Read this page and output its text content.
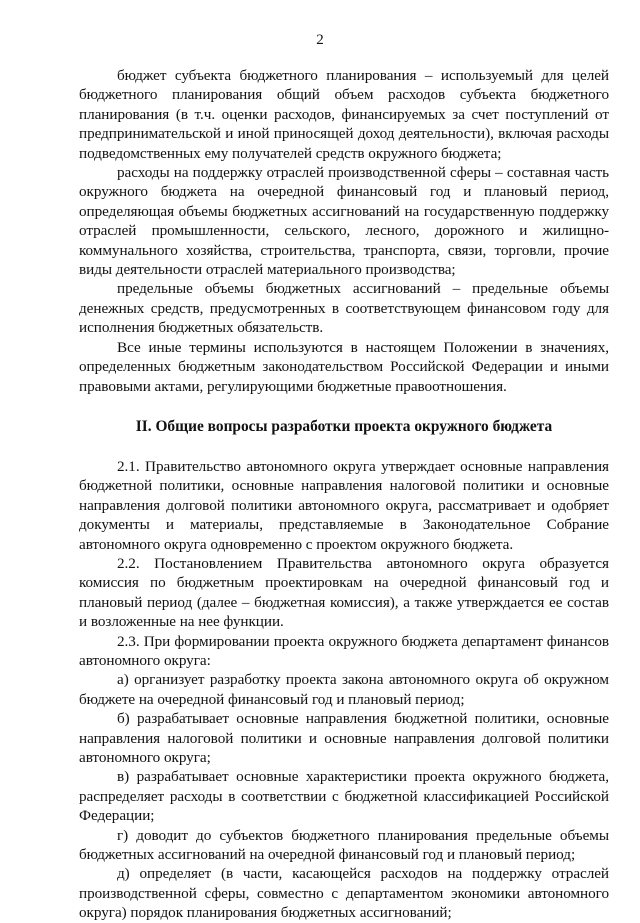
2

бюджет субъекта бюджетного планирования – используемый для целей бюджетного планирования общий объем расходов субъекта бюджетного планирования (в т.ч. оценки расходов, финансируемых за счет поступлений от предпринимательской и иной приносящей доход деятельности), включая расходы подведомственных ему получателей средств окружного бюджета;

расходы на поддержку отраслей производственной сферы – составная часть окружного бюджета на очередной финансовый год и плановый период, определяющая объемы бюджетных ассигнований на государственную поддержку отраслей промышленности, сельского, лесного, дорожного и жилищно-коммунального хозяйства, строительства, транспорта, связи, торговли, прочие виды деятельности отраслей материального производства;

предельные объемы бюджетных ассигнований – предельные объемы денежных средств, предусмотренных в соответствующем финансовом году для исполнения бюджетных обязательств.

Все иные термины используются в настоящем Положении в значениях, определенных бюджетным законодательством Российской Федерации и иными правовыми актами, регулирующими бюджетные правоотношения.

II. Общие вопросы разработки проекта окружного бюджета

2.1. Правительство автономного округа утверждает основные направления бюджетной политики, основные направления налоговой политики и основные направления долговой политики автономного округа, рассматривает и одобряет документы и материалы, представляемые в Законодательное Собрание автономного округа одновременно с проектом окружного бюджета.

2.2. Постановлением Правительства автономного округа образуется комиссия по бюджетным проектировкам на очередной финансовый год и плановый период (далее – бюджетная комиссия), а также утверждается ее состав и возложенные на нее функции.

2.3. При формировании проекта окружного бюджета департамент финансов автономного округа:

а) организует разработку проекта закона автономного округа об окружном бюджете на очередной финансовый год и плановый период;

б) разрабатывает основные направления бюджетной политики, основные направления налоговой политики и основные направления долговой политики автономного округа;

в) разрабатывает основные характеристики проекта окружного бюджета, распределяет расходы в соответствии с бюджетной классификацией Российской Федерации;

г) доводит до субъектов бюджетного планирования предельные объемы бюджетных ассигнований на очередной финансовый год и плановый период;

д) определяет (в части, касающейся расходов на поддержку отраслей производственной сферы, совместно с департаментом экономики автономного округа) порядок планирования бюджетных ассигнований;
